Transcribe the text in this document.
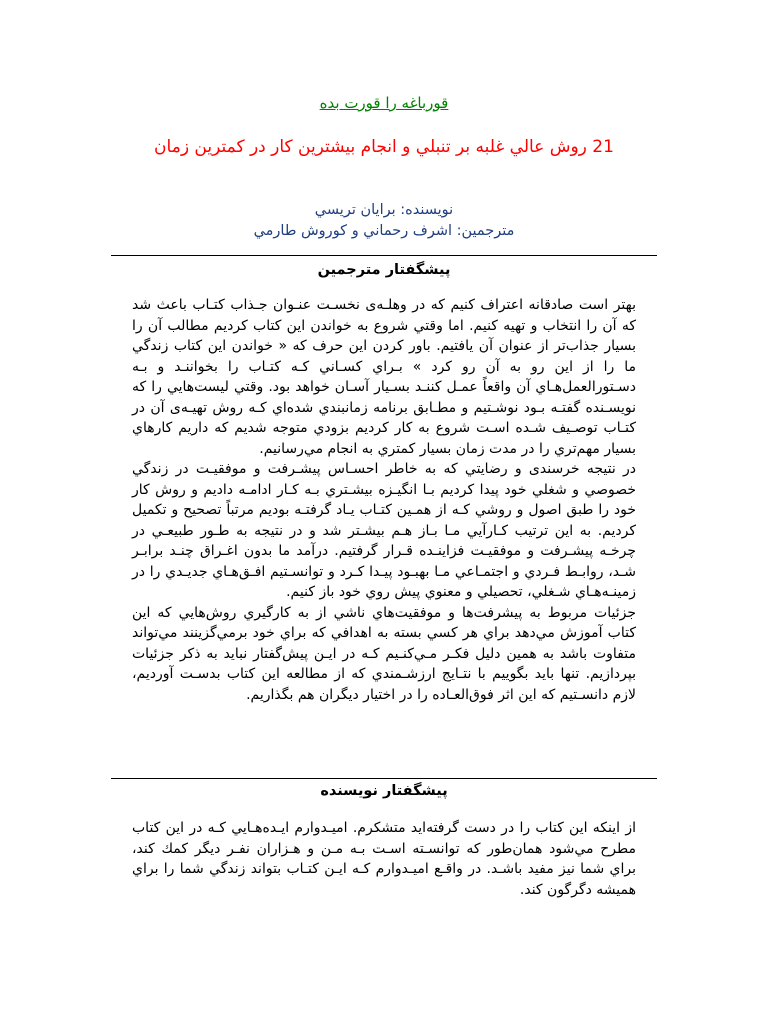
قورباغه را قورت بده
21 روش عالي غلبه بر تنبلي و انجام بيشترين كار در كمترين زمان
نويسنده: برايان تريسي
مترجمين: اشرف رحماني و كوروش طارمي
پيشگفتار مترجمين

بهتر است صادقانه اعتراف كنيم كه در وهلـه‌ی نخسـت عنـوان جـذاب كتـاب باعث شد كه آن را انتخاب و تهيه كنيم. اما وقتي شروع به خواندن اين كتاب كرديم مطالب آن را بسيار جذاب‌تر از عنوان آن يافتيم. باور كردن اين حرف كه « خواندن اين كتاب زندگي ما را از اين رو به آن رو كرد » بـراي كسـاني كـه كتـاب را بخواننـد و بـه دسـتورالعمل‌هـاي آن واقعاً عمـل كننـد بسـيار آسـان خواهد بود. وقتي ليست‌هايي را كه نويسـنده گفتـه بـود نوشـتيم و مطـابق برنامه زمانبندي شده‌اي كـه روش تهيـه‌ی آن در كتـاب توصـيف شـده اسـت شروع به كار كرديم بزودي متوجه شديم كه داريم كارهاي بسيار مهم‌تري را در مدت زمان بسيار كمتري به انجام مي‌رسانيم.

در نتيجه خرسندی و رضايتي كه به خاطر احسـاس پيشـرفت و موفقيـت در زندگي خصوصي و شغلي خود پيدا كرديم بـا انگيـزه بيشـتري بـه كـار ادامـه داديم و روش كار خود را طبق اصول و روشي كـه از همـين كتـاب يـاد گرفتـه بوديم مرتباً تصحيح و تكميل كرديم. به اين ترتيب كـارآيي مـا بـاز هـم بيشـتر شد و در نتيجه به طـور طبيعـي در چرخـه پيشـرفت و موفقيـت فزاينـده قـرار گرفتيم. درآمد ما بدون اغـراق چنـد برابـر شـد، روابـط فـردي و اجتمـاعي مـا بهبـود پيـدا كـرد و توانسـتيم افـق‌هـاي جديـدي را در زمينـه‌هـاي شـغلي، تحصيلي و معنوي پيش روي خود باز كنيم.

جزئيات مربوط به پيشرفت‌ها و موفقيت‌هاي ناشي از به كارگيري روش‌هايي كه اين كتاب آموزش مي‌دهد براي هر كسي بسته به اهدافي كه براي خود برمي‌گزينند مي‌تواند متفاوت باشد به همين دليل فكـر مـي‌كنـيم كـه در ايـن پيش‌گفتار نبايد به ذكر جزئيات بپردازيم. تنها بايد بگوييم با نتـايج ارزشـمندي كه از مطالعه اين كتاب بدسـت آورديم، لازم دانسـتيم كه اين اثر فوق‌العـاده را در اختيار ديگران هم بگذاريم.

پيشگفتار نويسنده

از اينكه اين كتاب را در دست گرفته‌ايد متشكرم. اميـدوارم ايـده‌هـايي كـه در اين كتاب مطرح مي‌شود همان‌طور كه توانسـته اسـت بـه مـن و هـزاران نفـر ديگر كمك كند، براي شما نيز مفيد باشـد. در واقـع اميـدوارم كـه ايـن كتـاب بتواند زندگي شما را براي هميشه دگرگون كند.
